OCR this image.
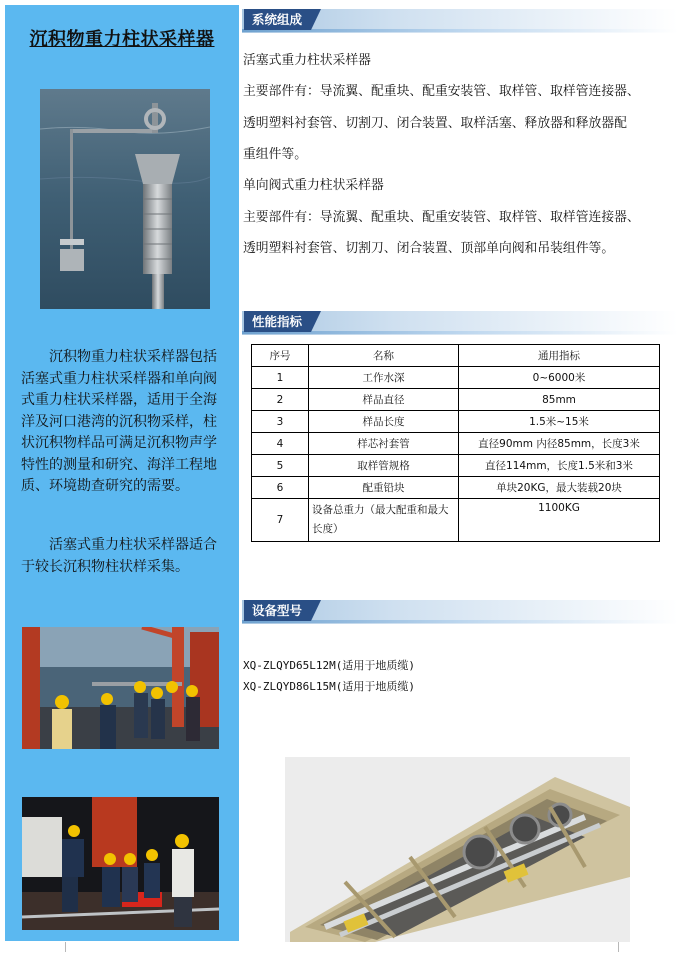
沉积物重力柱状采样器
沉积物重力柱状采样器包括活塞式重力柱状采样器和单向阀式重力柱状采样器，适用于全海洋及河口港湾的沉积物采样，柱状沉积物样品可满足沉积物声学特性的测量和研究、海洋工程地质、环境勘查研究的需要。
活塞式重力柱状采样器适合于较长沉积物柱状样采集。
系统组成
活塞式重力柱状采样器
主要部件有：导流翼、配重块、配重安装管、取样管、取样管连接器、
透明塑料衬套管、切割刀、闭合装置、取样活塞、释放器和释放器配
重组件等。
单向阀式重力柱状采样器
主要部件有：导流翼、配重块、配重安装管、取样管、取样管连接器、
透明塑料衬套管、切割刀、闭合装置、顶部单向阀和吊装组件等。
性能指标
序号	名称	通用指标
1	工作水深	0~6000米
2	样品直径	85mm
3	样品长度	1.5米~15米
4	样芯衬套管	直径90mm 内径85mm，长度3米
5	取样管规格	直径114mm，长度1.5米和3米
6	配重铅块	单块20KG，最大装载20块
7	设备总重力（最大配重和最大长度）	1100KG
设备型号
XQ-ZLQYD65L12M(适用于地质缆)
XQ-ZLQYD86L15M(适用于地质缆)
